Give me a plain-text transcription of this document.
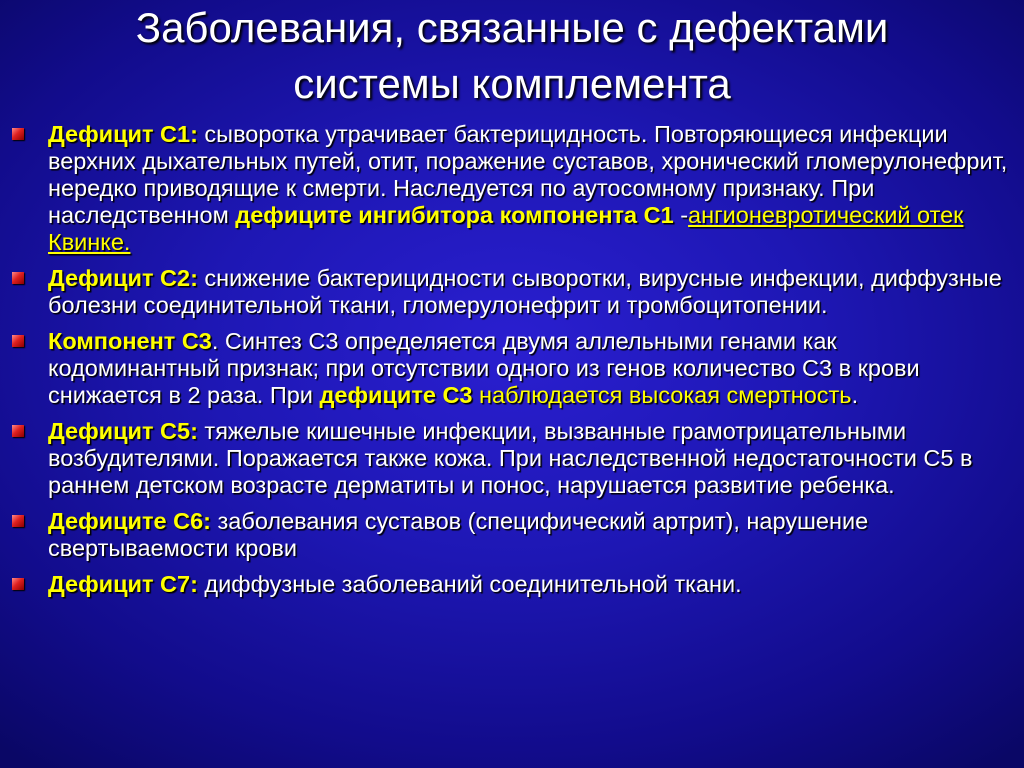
Заболевания, связанные с дефектами
системы комплемента
Дефицит С1: сыворотка утрачивает бактерицидность. Повторяющиеся инфекции верхних дыхательных путей, отит, поражение суставов, хронический гломерулонефрит, нередко приводящие к смерти. Наследуется по аутосомному признаку. При наследственном дефиците ингибитора компонента С1 -ангионевротический отек Квинке.
Дефицит С2: снижение бактерицидности сыворотки, вирусные инфекции, диффузные болезни соединительной ткани, гломерулонефрит и тромбоцитопении.
Компонент С3. Синтез С3 определяется двумя аллельными генами как кодоминантный признак; при отсутствии одного из генов количество С3 в крови снижается в 2 раза. При дефиците С3 наблюдается высокая смертность.
Дефицит С5: тяжелые кишечные инфекции, вызванные грамотрицательными возбудителями. Поражается также кожа. При наследственной недостаточности С5 в раннем детском возрасте дерматиты и понос, нарушается развитие ребенка.
Дефиците С6: заболевания суставов (специфический артрит), нарушение свертываемости крови
Дефицит С7: диффузные заболеваний соединительной ткани.
